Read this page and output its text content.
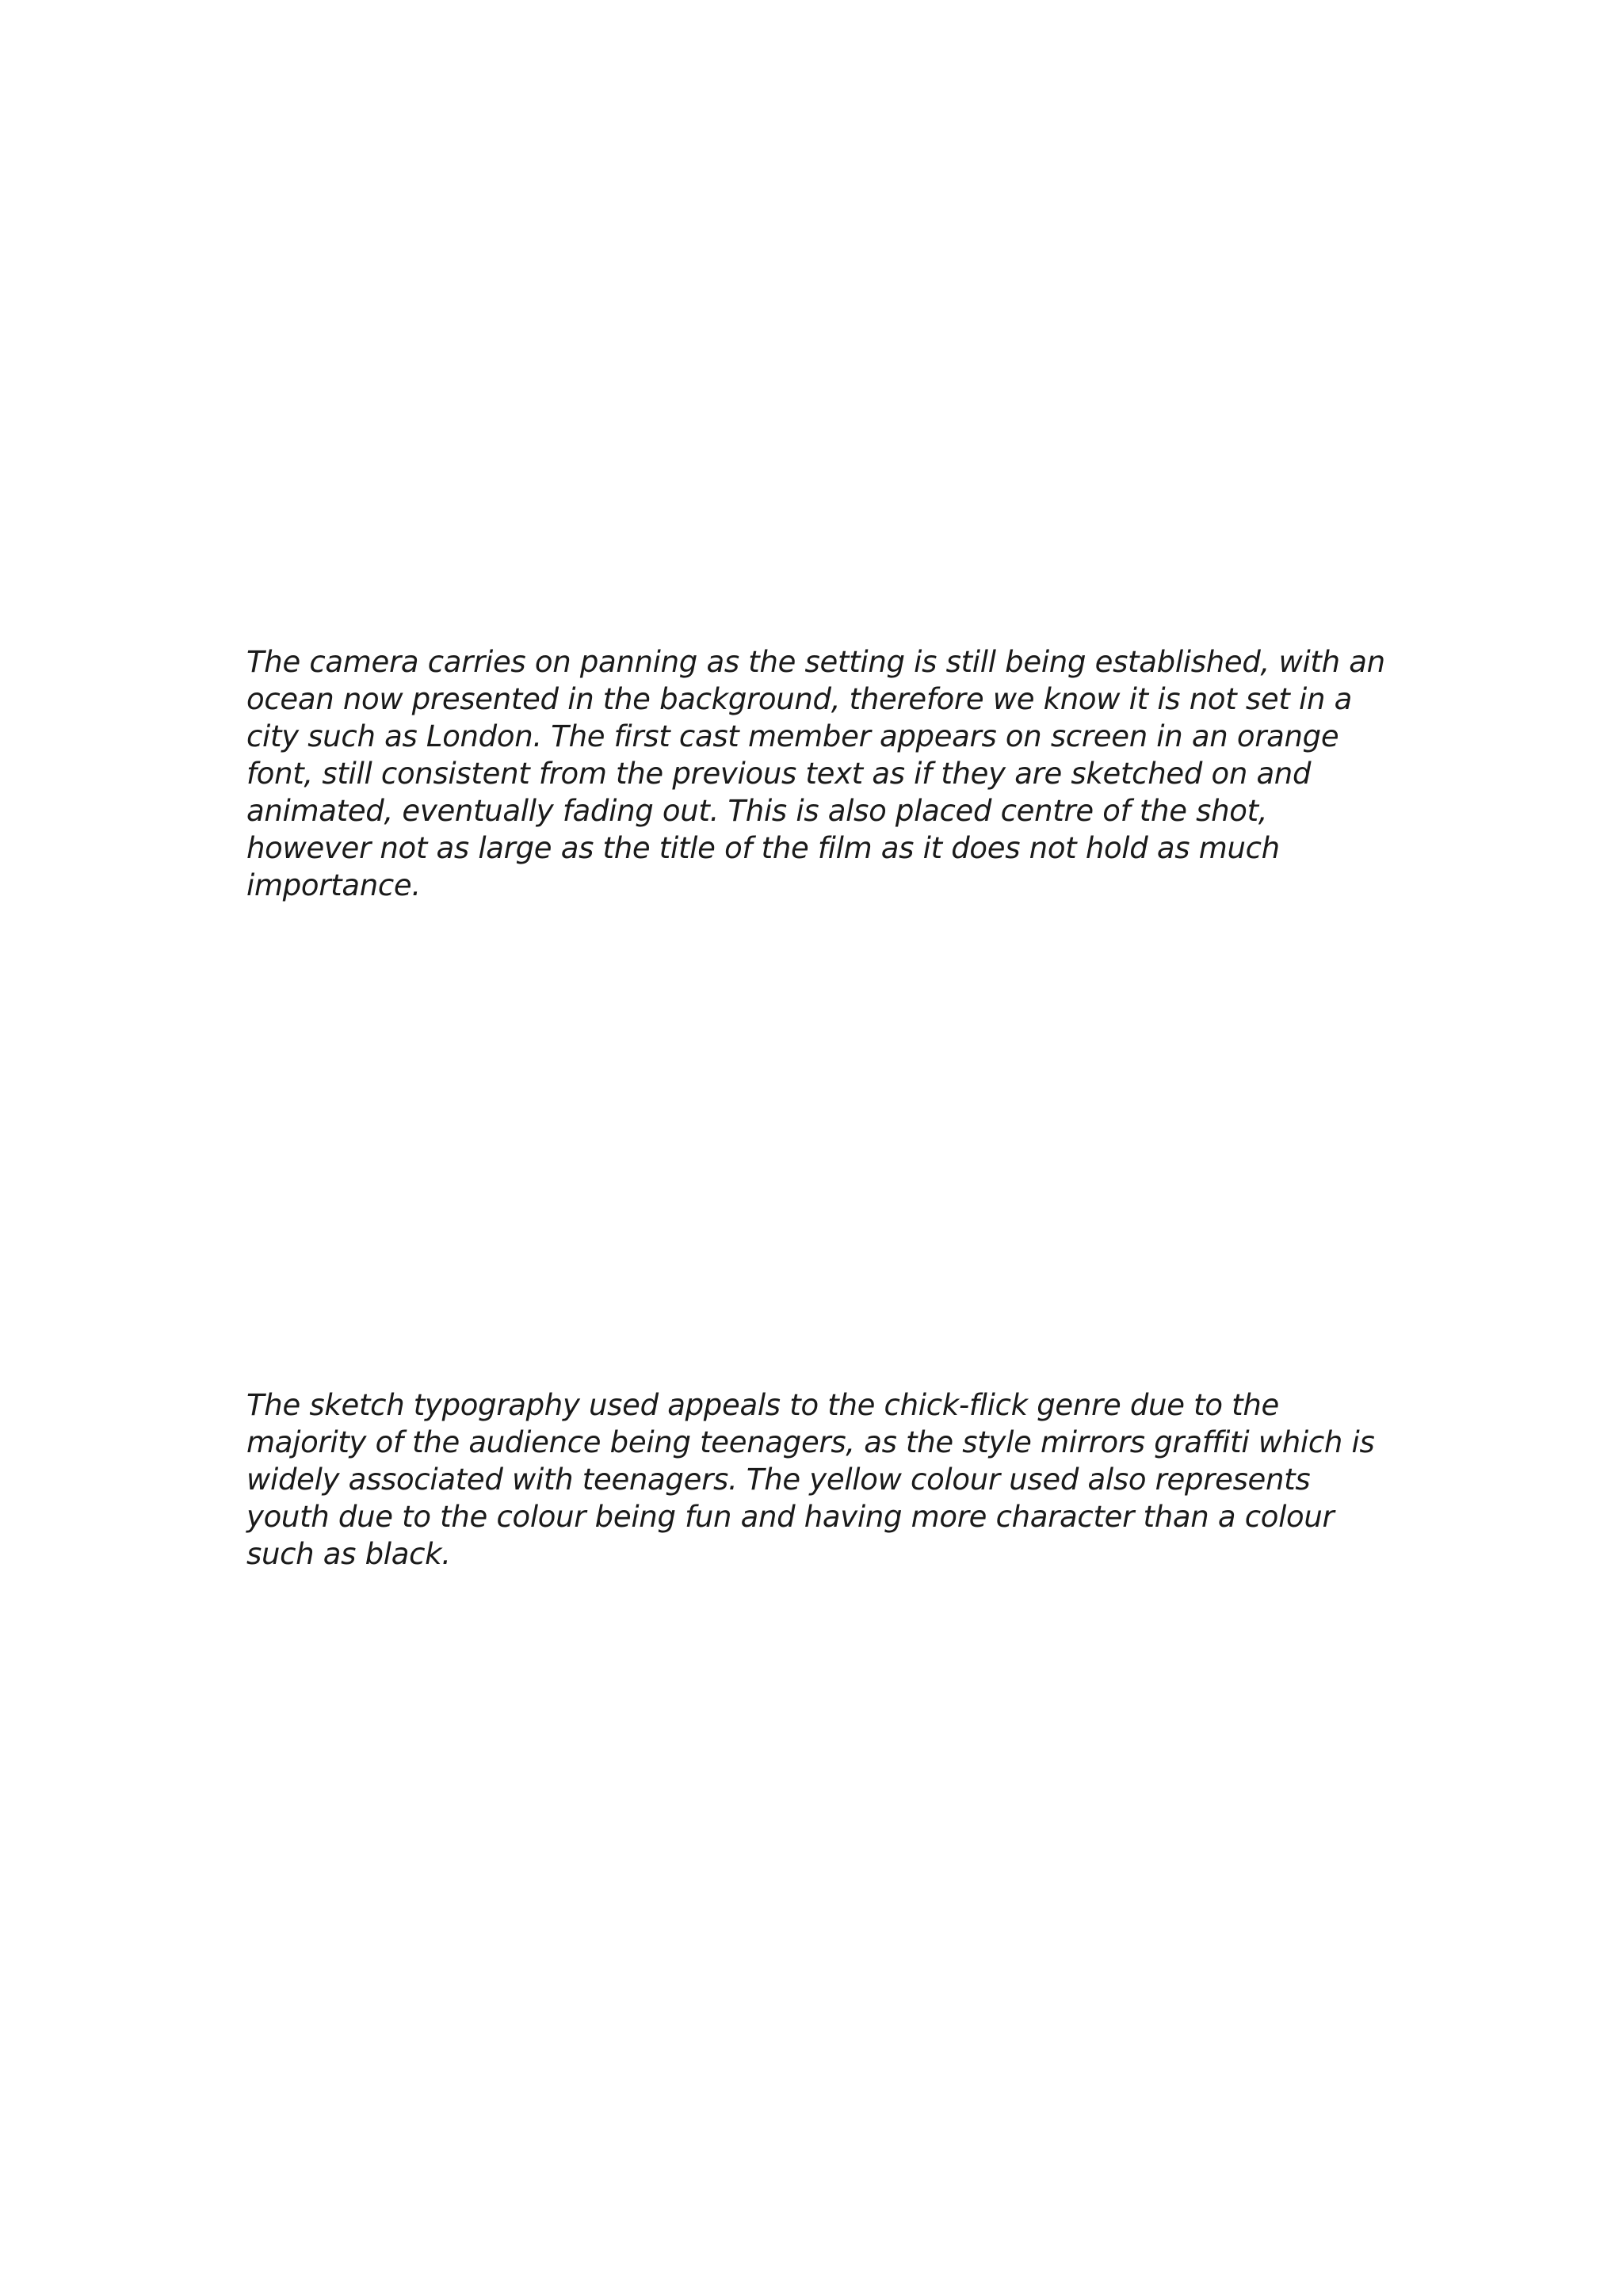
The camera carries on panning as the setting is still being established, with an
ocean now presented in the background, therefore we know it is not set in a
city such as London. The first cast member appears on screen in an orange
font, still consistent from the previous text as if they are sketched on and
animated, eventually fading out. This is also placed centre of the shot,
however not as large as the title of the film as it does not hold as much
importance.

The sketch typography used appeals to the chick-flick genre due to the
majority of the audience being teenagers, as the style mirrors graffiti which is
widely associated with teenagers. The yellow colour used also represents
youth due to the colour being fun and having more character than a colour
such as black.
